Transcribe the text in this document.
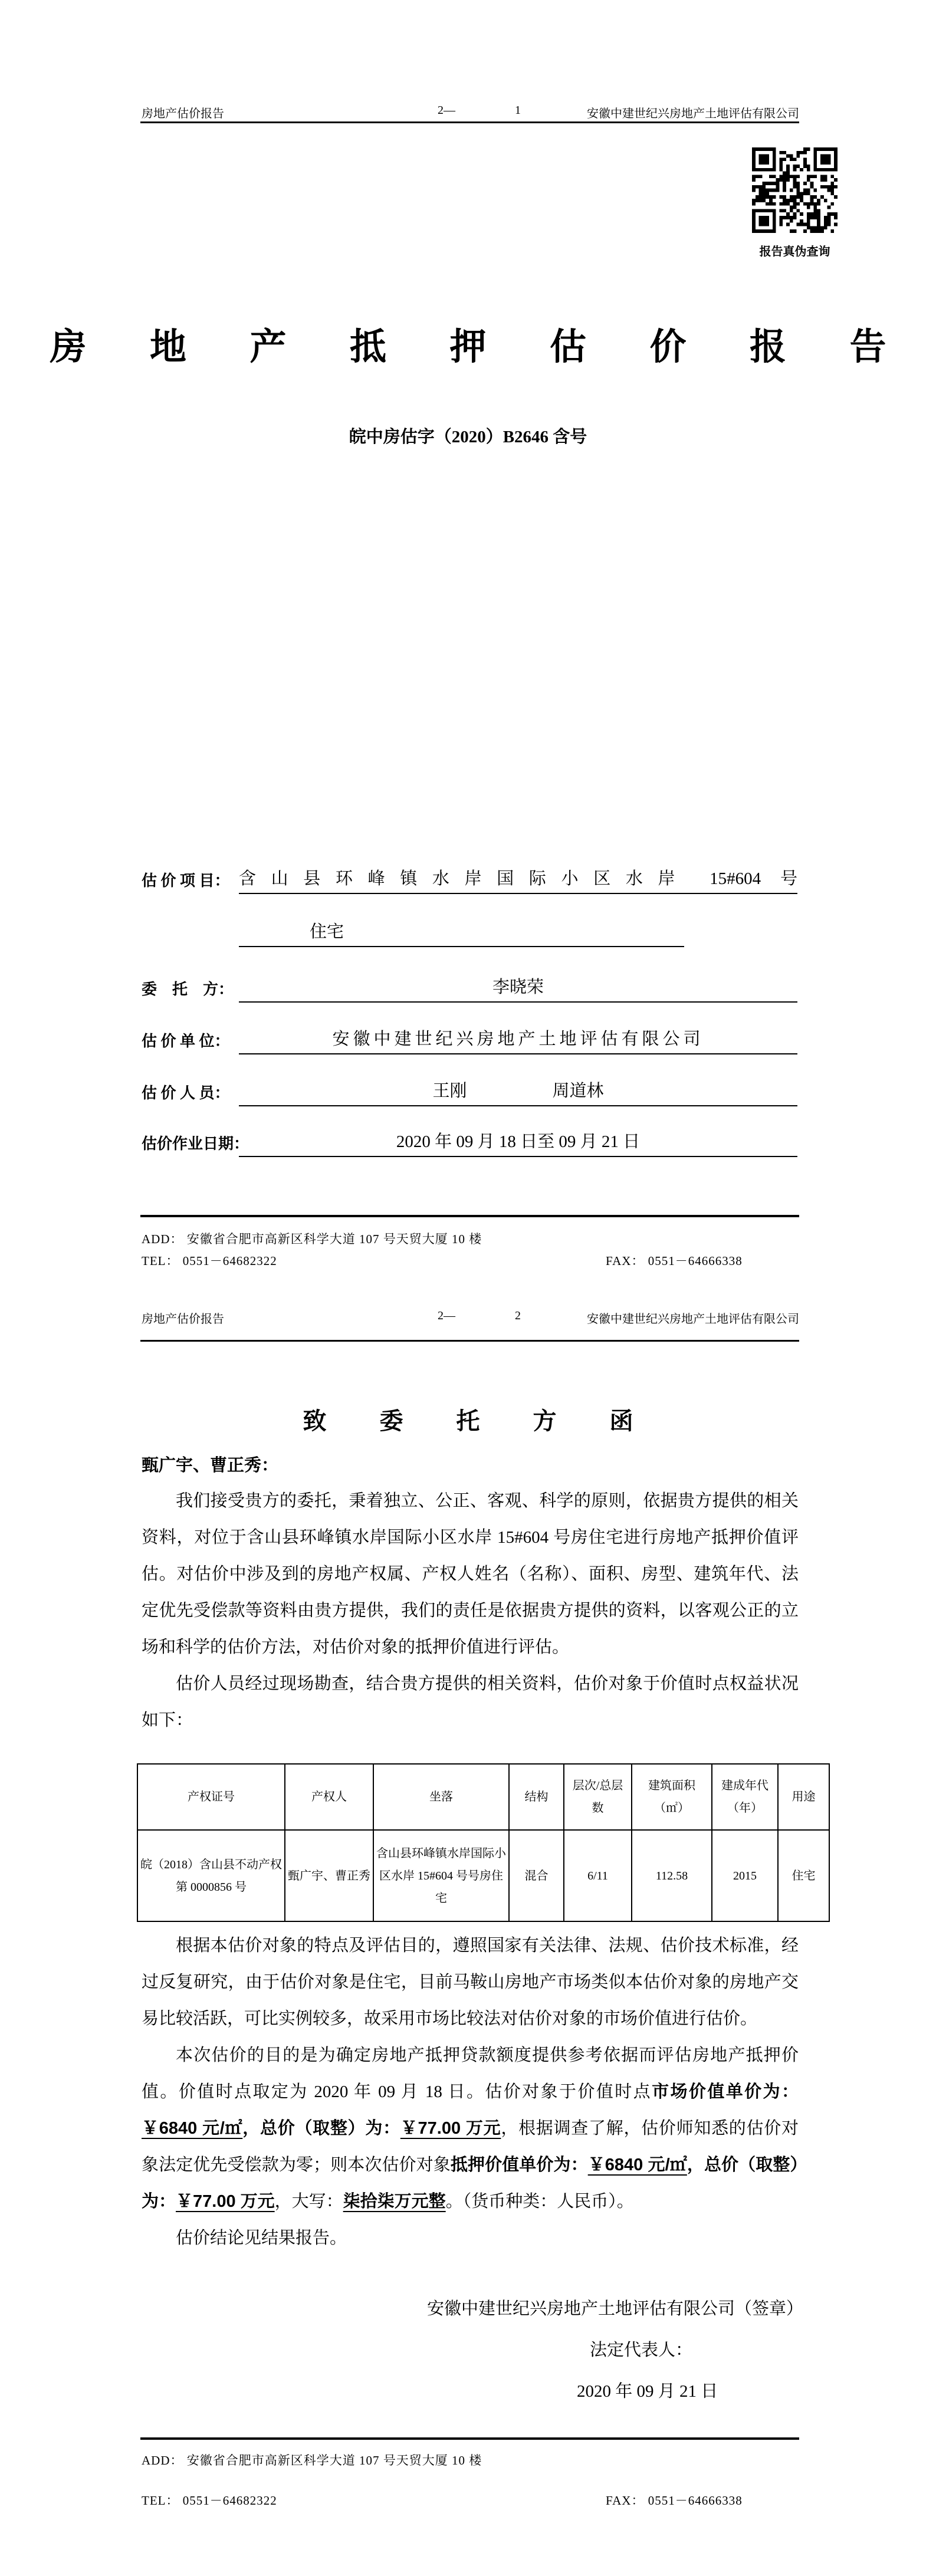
房地产估价报告	2—	1	安徽中建世纪兴房地产土地评估有限公司
报告真伪查询
房 地 产 抵 押 估 价 报 告
皖中房估字（2020）B2646 含号
估 价 项 目： 含山县环峰镇水岸国际小区水岸 15#604 号
住宅
委　托　方：	李晓荣
估 价 单 位：	安徽中建世纪兴房地产土地评估有限公司
估 价 人 员：	王刚　　　　　周道林
估价作业日期：	2020 年 09 月 18 日至 09 月 21 日
ADD： 安徽省合肥市高新区科学大道 107 号天贸大厦 10 楼
TEL： 0551－64682322	FAX： 0551－64666338
房地产估价报告	2—	2	安徽中建世纪兴房地产土地评估有限公司
致 委 托 方 函
甄广宇、曹正秀：

我们接受贵方的委托，秉着独立、公正、客观、科学的原则，依据贵方提供的相关资料，对位于含山县环峰镇水岸国际小区水岸 15#604 号房住宅进行房地产抵押价值评估。对估价中涉及到的房地产权属、产权人姓名（名称）、面积、房型、建筑年代、法定优先受偿款等资料由贵方提供，我们的责任是依据贵方提供的资料，以客观公正的立场和科学的估价方法，对估价对象的抵押价值进行评估。

估价人员经过现场勘查，结合贵方提供的相关资料，估价对象于价值时点权益状况如下：

产权证号	产权人	坐落	结构	层次/总层数	建筑面积（㎡）	建成年代（年）	用途
皖（2018）含山县不动产权第 0000856 号	甄广宇、曹正秀	含山县环峰镇水岸国际小区水岸 15#604 号号房住宅	混合	6/11	112.58	2015	住宅

根据本估价对象的特点及评估目的，遵照国家有关法律、法规、估价技术标准，经过反复研究，由于估价对象是住宅，目前马鞍山房地产市场类似本估价对象的房地产交易比较活跃，可比实例较多，故采用市场比较法对估价对象的市场价值进行估价。

本次估价的目的是为确定房地产抵押贷款额度提供参考依据而评估房地产抵押价值。价值时点取定为 2020 年 09 月 18 日。估价对象于价值时点市场价值单价为：￥6840 元/㎡，总价（取整）为：￥77.00 万元，根据调查了解，估价师知悉的估价对象法定优先受偿款为零；则本次估价对象抵押价值单价为：￥6840 元/㎡，总价（取整）为：￥77.00 万元，大写：柒拾柒万元整。（货币种类：人民币）。

估价结论见结果报告。

安徽中建世纪兴房地产土地评估有限公司（签章）
法定代表人：
2020 年 09 月 21 日
ADD： 安徽省合肥市高新区科学大道 107 号天贸大厦 10 楼
TEL： 0551－64682322	FAX： 0551－64666338
